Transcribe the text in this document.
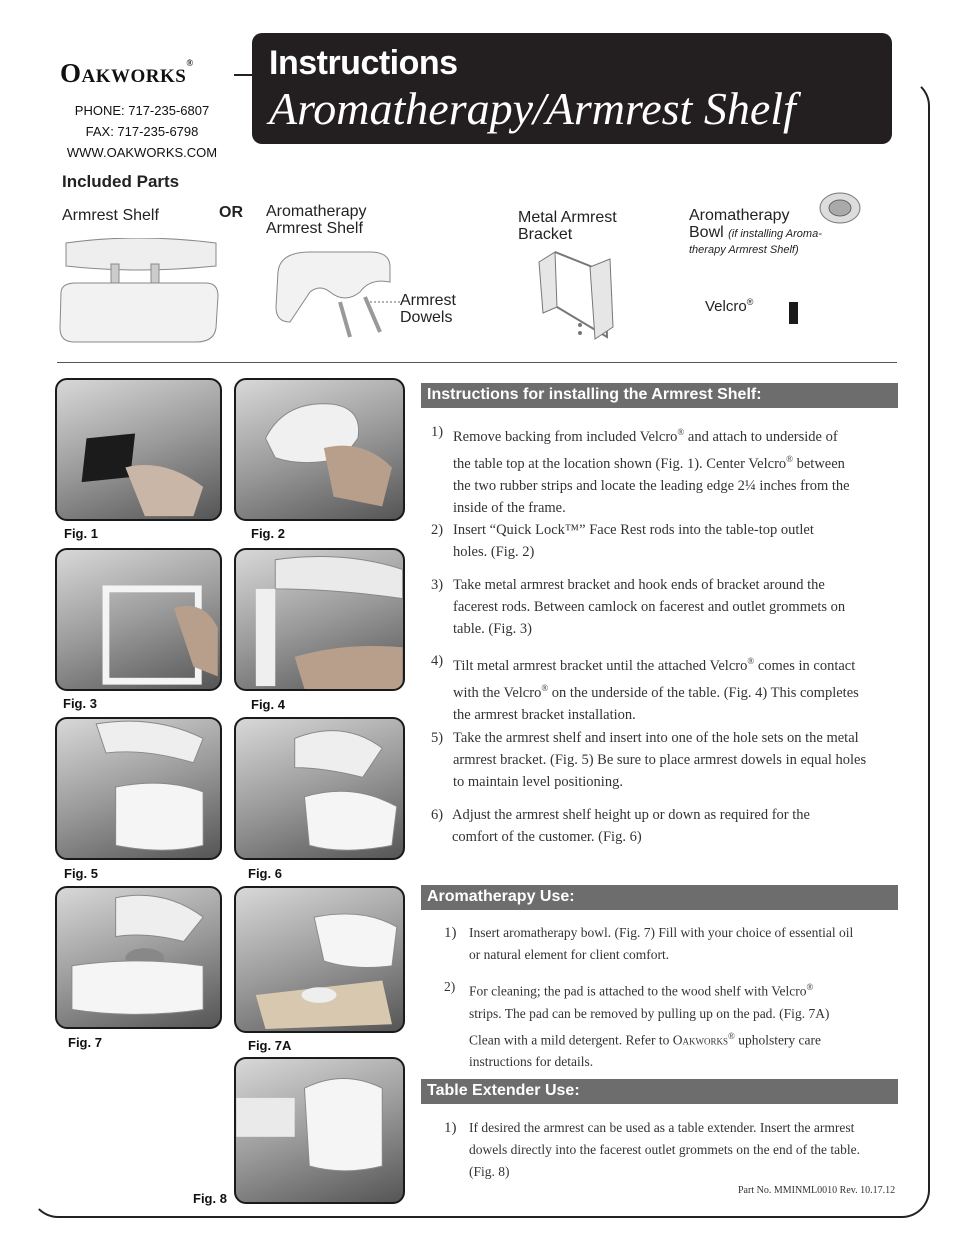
Oakworks®
PHONE: 717-235-6807
FAX: 717-235-6798
WWW.OAKWORKS.COM
Instructions
Aromatherapy/Armrest Shelf
Included Parts
Armrest Shelf	OR Aromatherapy
Armrest Shelf
Armrest
Dowels
Metal Armrest
Bracket
Aromatherapy
Bowl (if installing Aroma-
therapy Armrest Shelf)
Velcro®
Fig. 1	Fig. 2
Fig. 3	Fig. 4
Fig. 5	Fig. 6
Fig. 7	Fig. 7A
Fig. 8
Instructions for installing the Armrest Shelf:
1) Remove backing from included Velcro® and attach to underside of
the table top at the location shown (Fig. 1). Center Velcro® between
the two rubber strips and locate the leading edge 2¼ inches from the
inside of the frame.
2) Insert “Quick Lock™” Face Rest rods into the table-top outlet
holes. (Fig. 2)
3) Take metal armrest bracket and hook ends of bracket around the
facerest rods. Between camlock on facerest and outlet grommets on
table. (Fig. 3)
4) Tilt metal armrest bracket until the attached Velcro® comes in contact
with the Velcro® on the underside of the table. (Fig. 4) This completes
the armrest bracket installation.
5) Take the armrest shelf and insert into one of the hole sets on the metal
armrest bracket. (Fig. 5) Be sure to place armrest dowels in equal holes
to maintain level positioning.
6) Adjust the armrest shelf height up or down as required for the
comfort of the customer. (Fig. 6)
Aromatherapy Use:
1) Insert aromatherapy bowl. (Fig. 7) Fill with your choice of essential oil
or natural element for client comfort.
2) For cleaning; the pad is attached to the wood shelf with Velcro®
strips. The pad can be removed by pulling up on the pad. (Fig. 7A)
Clean with a mild detergent. Refer to Oakworks® upholstery care
instructions for details.
Table Extender Use:
1) If desired the armrest can be used as a table extender. Insert the armrest
dowels directly into the facerest outlet grommets on the end of the table.
(Fig. 8)
Part No. MMINML0010 Rev. 10.17.12
